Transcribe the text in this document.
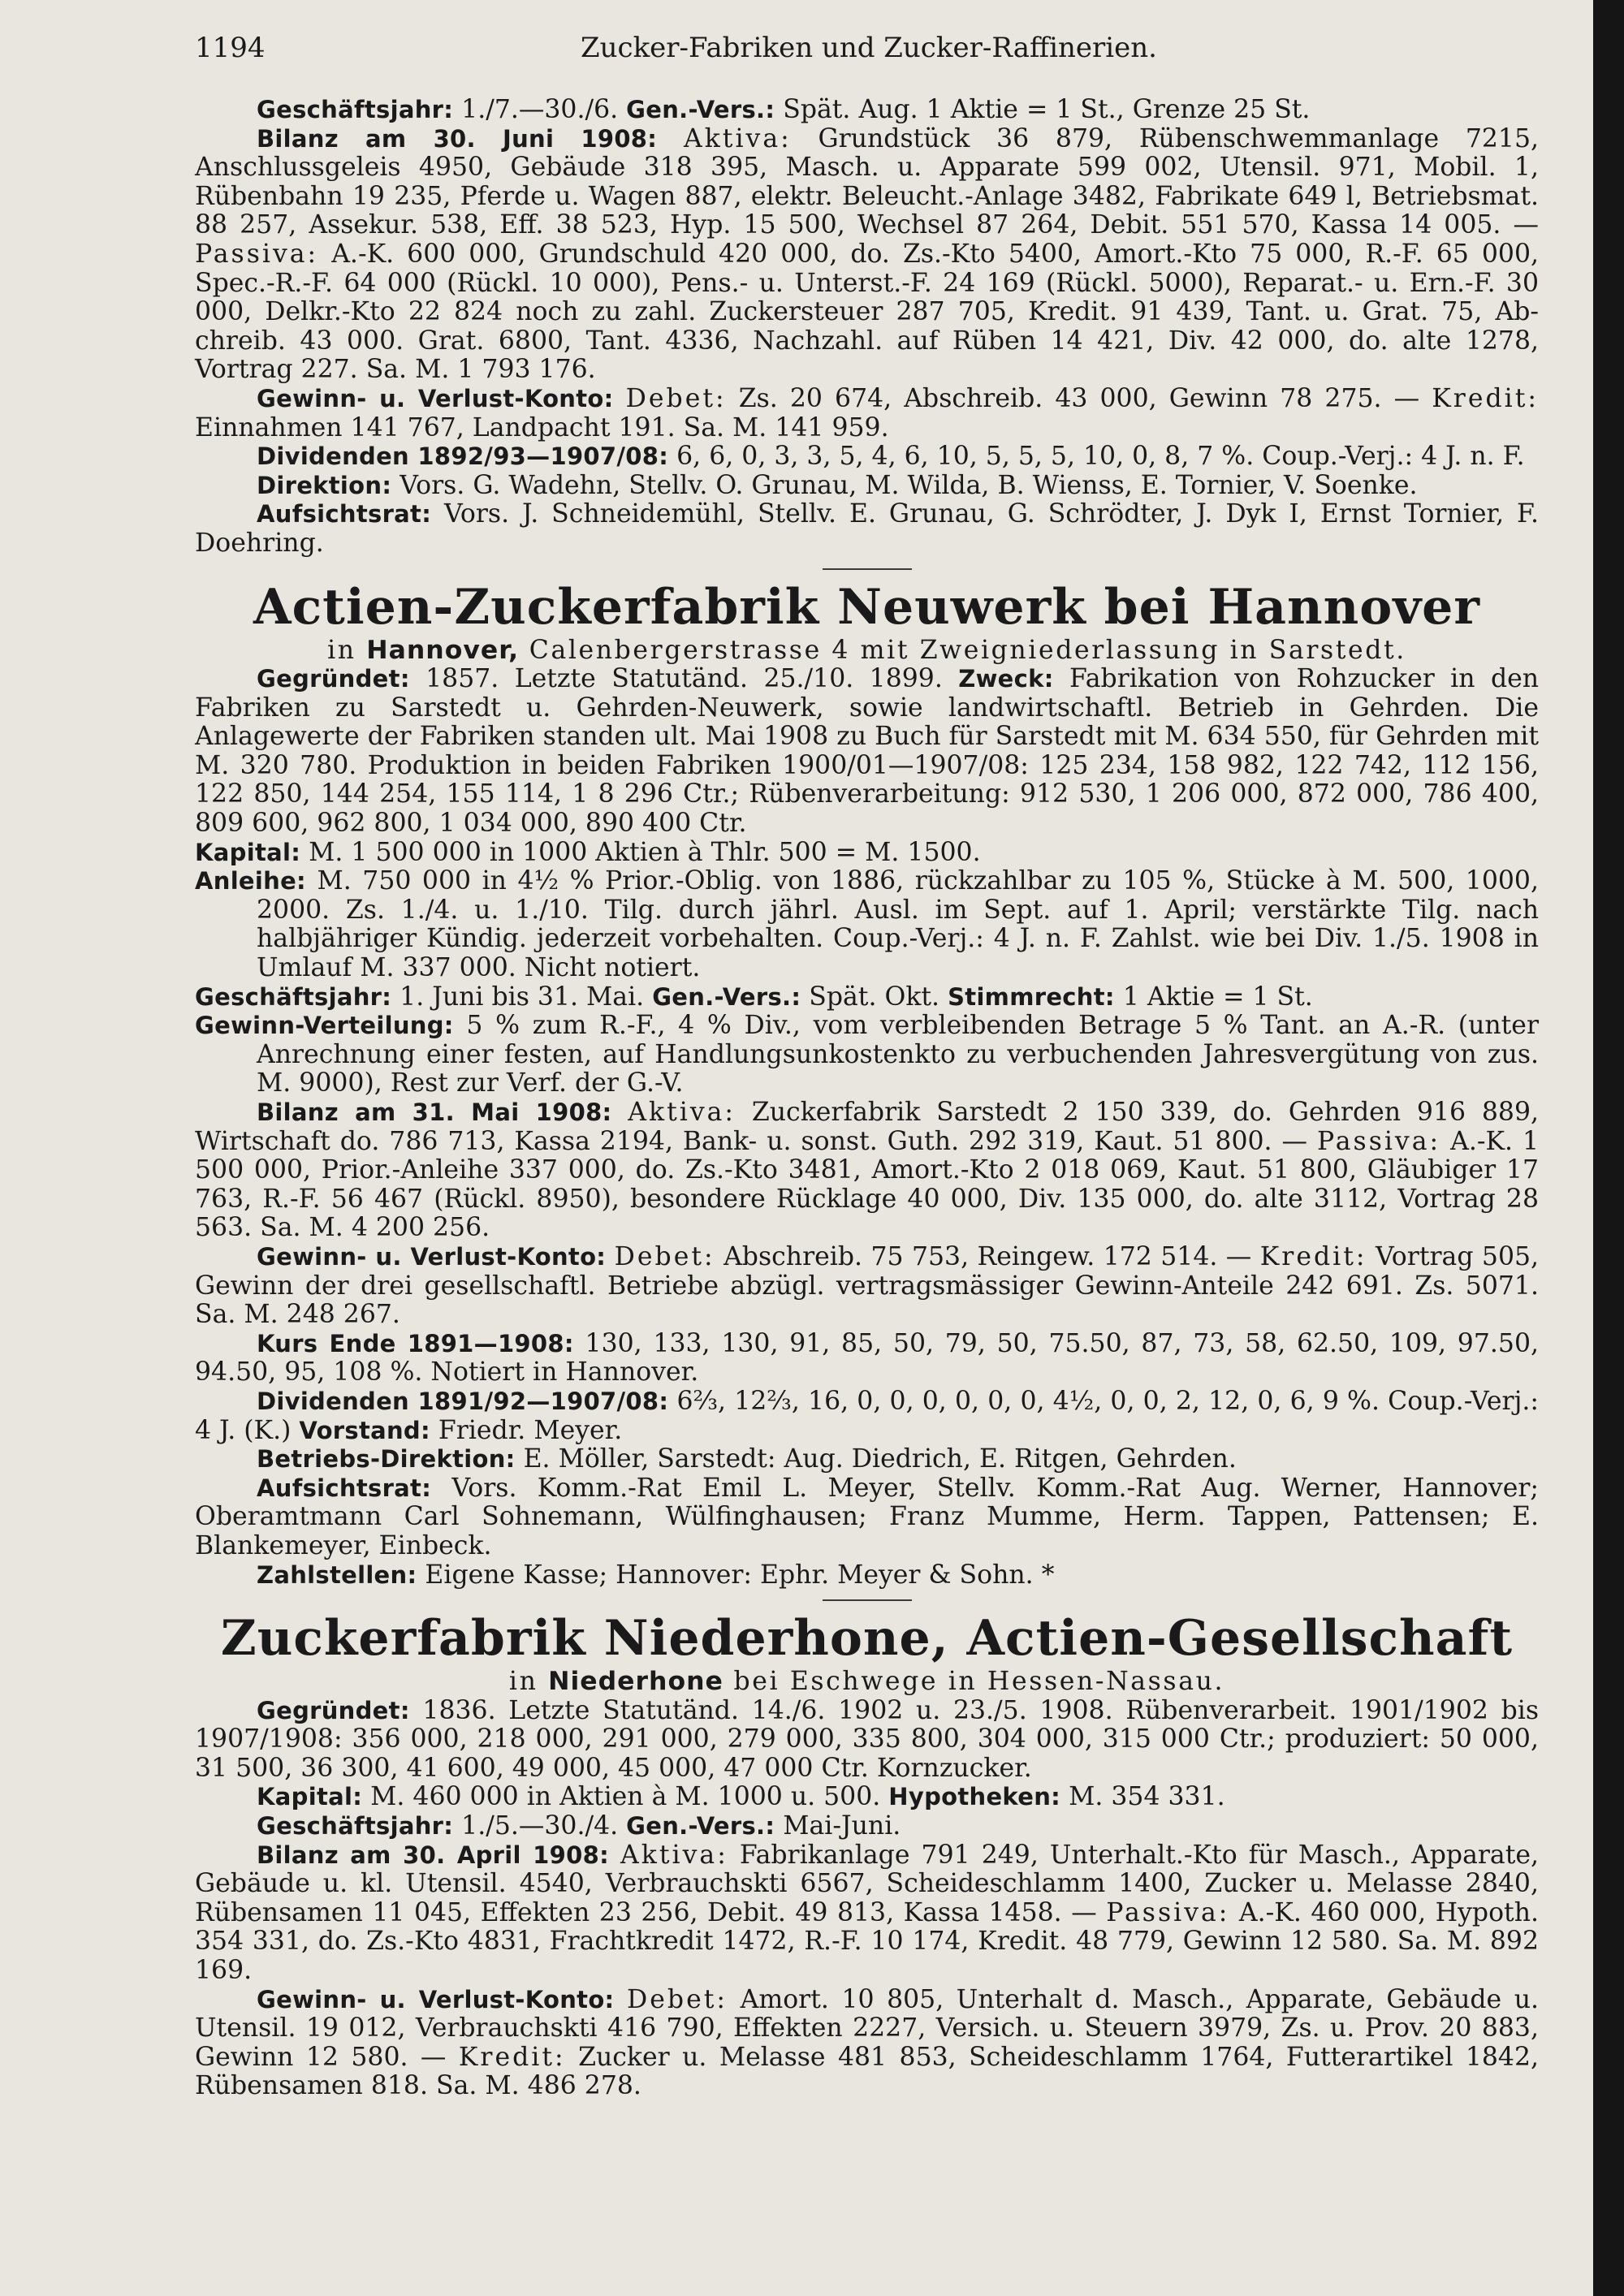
1194	Zucker-Fabriken und Zucker-Raffinerien.

Geschäftsjahr: 1./7.—30./6. Gen.-Vers.: Spät. Aug. 1 Aktie = 1 St., Grenze 25 St.

Bilanz am 30. Juni 1908: Aktiva: Grundstück 36 879, Rübenschwemmanlage 7215, Anschlussgeleis 4950, Gebäude 318 395, Masch. u. Apparate 599 002, Utensil. 971, Mobil. 1, Rübenbahn 19 235, Pferde u. Wagen 887, elektr. Beleucht.-Anlage 3482, Fabrikate 649 l, Betriebsmat. 88 257, Assekur. 538, Eff. 38 523, Hyp. 15 500, Wechsel 87 264, Debit. 551 570, Kassa 14 005. — Passiva: A.-K. 600 000, Grundschuld 420 000, do. Zs.-Kto 5400, Amort.-Kto 75 000, R.-F. 65 000, Spec.-R.-F. 64 000 (Rückl. 10 000), Pens.- u. Unterst.-F. 24 169 (Rückl. 5000), Reparat.- u. Ern.-F. 30 000, Delkr.-Kto 22 824 noch zu zahl. Zuckersteuer 287 705, Kredit. 91 439, Tant. u. Grat. 75, Ab-chreib. 43 000. Grat. 6800, Tant. 4336, Nachzahl. auf Rüben 14 421, Div. 42 000, do. alte 1278, Vortrag 227. Sa. M. 1 793 176.

Gewinn- u. Verlust-Konto: Debet: Zs. 20 674, Abschreib. 43 000, Gewinn 78 275. — Kredit: Einnahmen 141 767, Landpacht 191. Sa. M. 141 959.

Dividenden 1892/93—1907/08: 6, 6, 0, 3, 3, 5, 4, 6, 10, 5, 5, 5, 10, 0, 8, 7 %. Coup.-Verj.: 4 J. n. F.

Direktion: Vors. G. Wadehn, Stellv. O. Grunau, M. Wilda, B. Wienss, E. Tornier, V. Soenke.

Aufsichtsrat: Vors. J. Schneidemühl, Stellv. E. Grunau, G. Schrödter, J. Dyk I, Ernst Tornier, F. Doehring.

Actien-Zuckerfabrik Neuwerk bei Hannover

in Hannover, Calenbergerstrasse 4 mit Zweigniederlassung in Sarstedt.

Gegründet: 1857. Letzte Statutänd. 25./10. 1899. Zweck: Fabrikation von Rohzucker in den Fabriken zu Sarstedt u. Gehrden-Neuwerk, sowie landwirtschaftl. Betrieb in Gehrden. Die Anlagewerte der Fabriken standen ult. Mai 1908 zu Buch für Sarstedt mit M. 634 550, für Gehrden mit M. 320 780. Produktion in beiden Fabriken 1900/01—1907/08: 125 234, 158 982, 122 742, 112 156, 122 850, 144 254, 155 114, 1 8 296 Ctr.; Rübenverarbeitung: 912 530, 1 206 000, 872 000, 786 400, 809 600, 962 800, 1 034 000, 890 400 Ctr.

Kapital: M. 1 500 000 in 1000 Aktien à Thlr. 500 = M. 1500.

Anleihe: M. 750 000 in 4½ % Prior.-Oblig. von 1886, rückzahlbar zu 105 %, Stücke à M. 500, 1000, 2000. Zs. 1./4. u. 1./10. Tilg. durch jährl. Ausl. im Sept. auf 1. April; verstärkte Tilg. nach halbjähriger Kündig. jederzeit vorbehalten. Coup.-Verj.: 4 J. n. F. Zahlst. wie bei Div. 1./5. 1908 in Umlauf M. 337 000. Nicht notiert.

Geschäftsjahr: 1. Juni bis 31. Mai. Gen.-Vers.: Spät. Okt. Stimmrecht: 1 Aktie = 1 St.

Gewinn-Verteilung: 5 % zum R.-F., 4 % Div., vom verbleibenden Betrage 5 % Tant. an A.-R. (unter Anrechnung einer festen, auf Handlungsunkostenkto zu verbuchenden Jahresvergütung von zus. M. 9000), Rest zur Verf. der G.-V.

Bilanz am 31. Mai 1908: Aktiva: Zuckerfabrik Sarstedt 2 150 339, do. Gehrden 916 889, Wirtschaft do. 786 713, Kassa 2194, Bank- u. sonst. Guth. 292 319, Kaut. 51 800. — Passiva: A.-K. 1 500 000, Prior.-Anleihe 337 000, do. Zs.-Kto 3481, Amort.-Kto 2 018 069, Kaut. 51 800, Gläubiger 17 763, R.-F. 56 467 (Rückl. 8950), besondere Rücklage 40 000, Div. 135 000, do. alte 3112, Vortrag 28 563. Sa. M. 4 200 256.

Gewinn- u. Verlust-Konto: Debet: Abschreib. 75 753, Reingew. 172 514. — Kredit: Vortrag 505, Gewinn der drei gesellschaftl. Betriebe abzügl. vertragsmässiger Gewinn-Anteile 242 691. Zs. 5071. Sa. M. 248 267.

Kurs Ende 1891—1908: 130, 133, 130, 91, 85, 50, 79, 50, 75.50, 87, 73, 58, 62.50, 109, 97.50, 94.50, 95, 108 %. Notiert in Hannover.

Dividenden 1891/92—1907/08: 6⅔, 12⅔, 16, 0, 0, 0, 0, 0, 0, 4½, 0, 0, 2, 12, 0, 6, 9 %. Coup.-Verj.: 4 J. (K.) Vorstand: Friedr. Meyer.

Betriebs-Direktion: E. Möller, Sarstedt: Aug. Diedrich, E. Ritgen, Gehrden.

Aufsichtsrat: Vors. Komm.-Rat Emil L. Meyer, Stellv. Komm.-Rat Aug. Werner, Hannover; Oberamtmann Carl Sohnemann, Wülfinghausen; Franz Mumme, Herm. Tappen, Pattensen; E. Blankemeyer, Einbeck.

Zahlstellen: Eigene Kasse; Hannover: Ephr. Meyer & Sohn. *

Zuckerfabrik Niederhone, Actien-Gesellschaft

in Niederhone bei Eschwege in Hessen-Nassau.

Gegründet: 1836. Letzte Statutänd. 14./6. 1902 u. 23./5. 1908. Rübenverarbeit. 1901/1902 bis 1907/1908: 356 000, 218 000, 291 000, 279 000, 335 800, 304 000, 315 000 Ctr.; produziert: 50 000, 31 500, 36 300, 41 600, 49 000, 45 000, 47 000 Ctr. Kornzucker.

Kapital: M. 460 000 in Aktien à M. 1000 u. 500. Hypotheken: M. 354 331.

Geschäftsjahr: 1./5.—30./4. Gen.-Vers.: Mai-Juni.

Bilanz am 30. April 1908: Aktiva: Fabrikanlage 791 249, Unterhalt.-Kto für Masch., Apparate, Gebäude u. kl. Utensil. 4540, Verbrauchskti 6567, Scheideschlamm 1400, Zucker u. Melasse 2840, Rübensamen 11 045, Effekten 23 256, Debit. 49 813, Kassa 1458. — Passiva: A.-K. 460 000, Hypoth. 354 331, do. Zs.-Kto 4831, Frachtkredit 1472, R.-F. 10 174, Kredit. 48 779, Gewinn 12 580. Sa. M. 892 169.

Gewinn- u. Verlust-Konto: Debet: Amort. 10 805, Unterhalt d. Masch., Apparate, Gebäude u. Utensil. 19 012, Verbrauchskti 416 790, Effekten 2227, Versich. u. Steuern 3979, Zs. u. Prov. 20 883, Gewinn 12 580. — Kredit: Zucker u. Melasse 481 853, Scheideschlamm 1764, Futterartikel 1842, Rübensamen 818. Sa. M. 486 278.
